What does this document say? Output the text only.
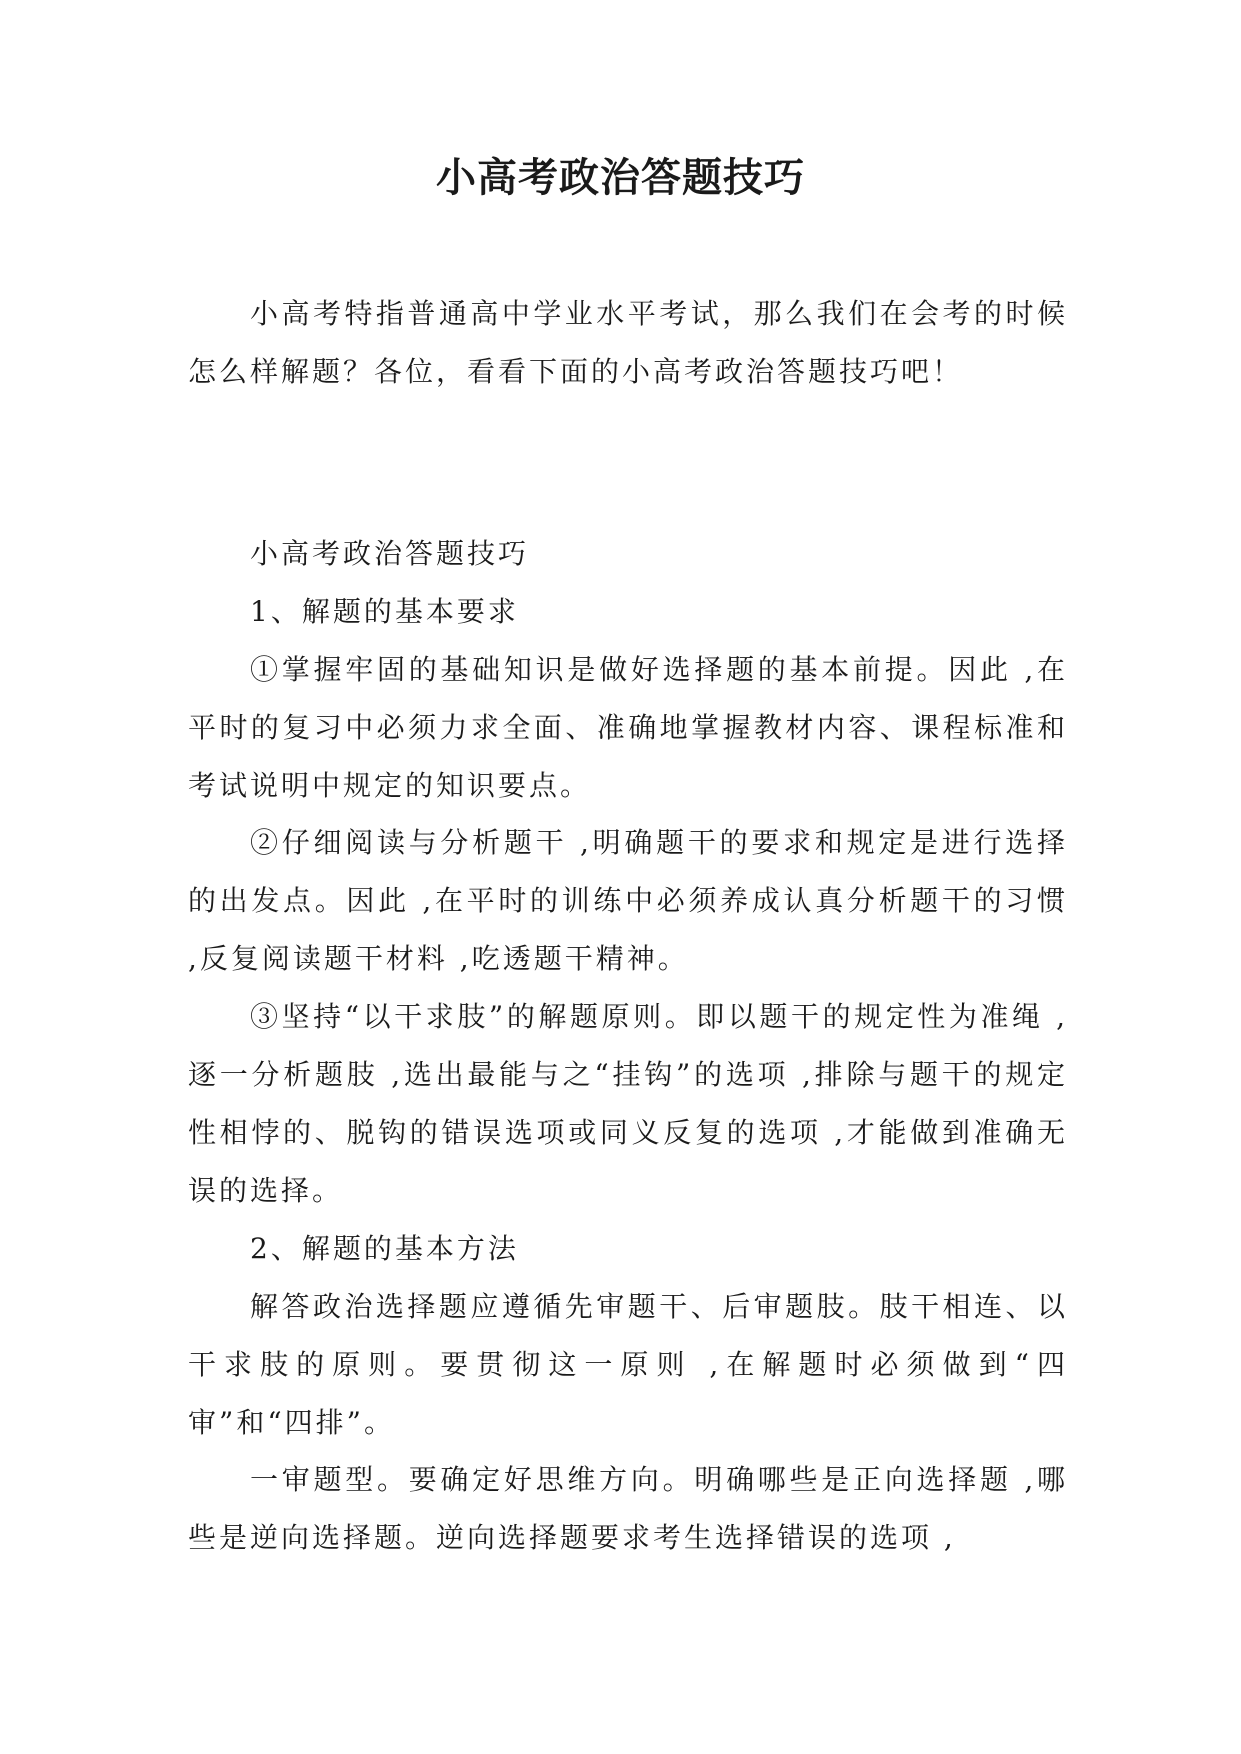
小高考政治答题技巧

小高考特指普通高中学业水平考试，那么我们在会考的时候怎么样解题？各位，看看下面的小高考政治答题技巧吧！

小高考政治答题技巧

1、解题的基本要求

①掌握牢固的基础知识是做好选择题的基本前提。因此 ,在平时的复习中必须力求全面、准确地掌握教材内容、课程标准和考试说明中规定的知识要点。

②仔细阅读与分析题干 ,明确题干的要求和规定是进行选择的出发点。因此 ,在平时的训练中必须养成认真分析题干的习惯 ,反复阅读题干材料 ,吃透题干精神。

③坚持“以干求肢”的解题原则。即以题干的规定性为准绳 ,逐一分析题肢 ,选出最能与之“挂钩”的选项 ,排除与题干的规定性相悖的、脱钩的错误选项或同义反复的选项 ,才能做到准确无误的选择。

2、解题的基本方法

解答政治选择题应遵循先审题干、后审题肢。肢干相连、以干求肢的原则。要贯彻这一原则 ,在解题时必须做到“四审”和“四排”。

一审题型。要确定好思维方向。明确哪些是正向选择题 ,哪些是逆向选择题。逆向选择题要求考生选择错误的选项 ,
